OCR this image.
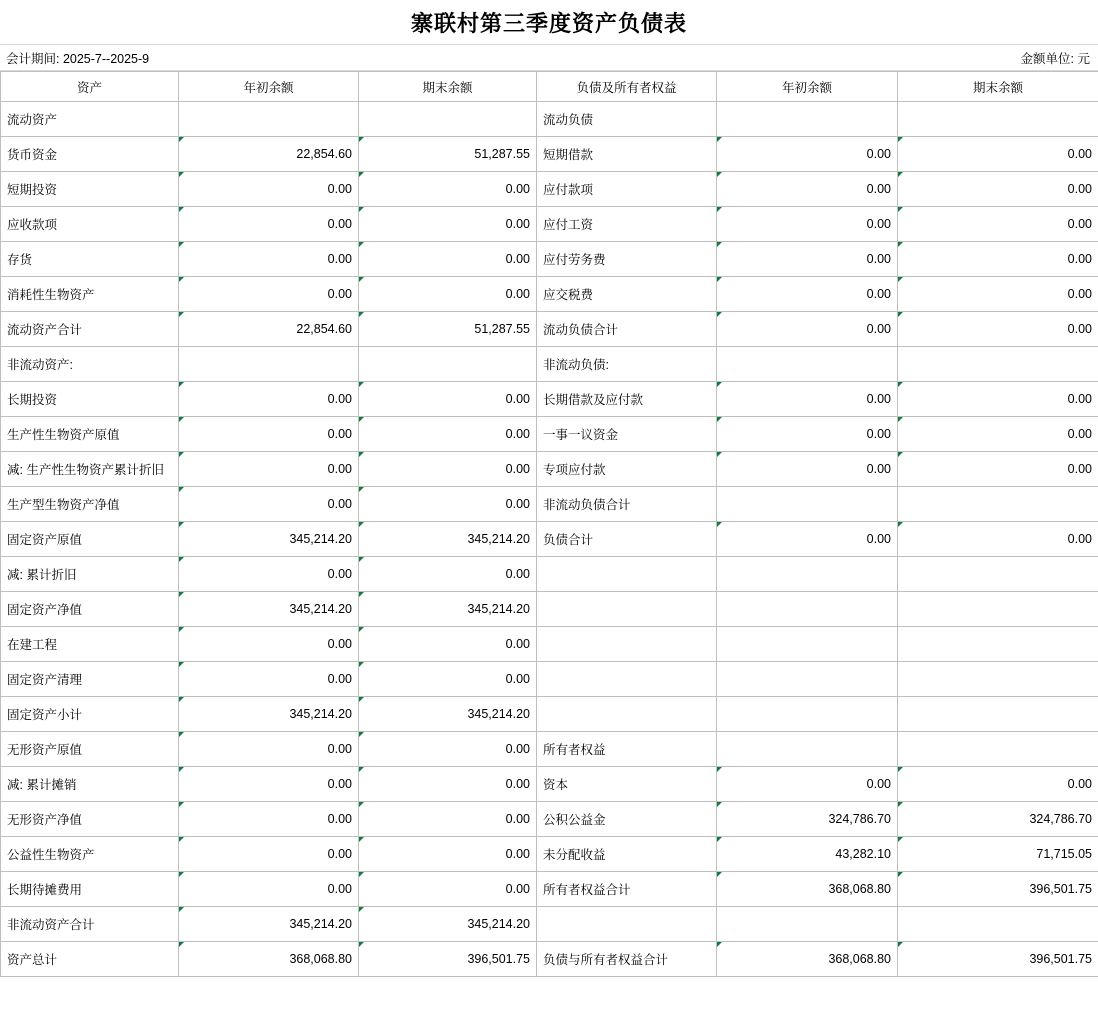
寨联村第三季度资产负债表
会计期间: 2025-7--2025-9	金额单位: 元
资产	年初余额	期末余额	负债及所有者权益	年初余额	期末余额
流动资产			流动负债		
货币资金	22,854.60	51,287.55	短期借款	0.00	0.00
短期投资	0.00	0.00	应付款项	0.00	0.00
应收款项	0.00	0.00	应付工资	0.00	0.00
存货	0.00	0.00	应付劳务费	0.00	0.00
消耗性生物资产	0.00	0.00	应交税费	0.00	0.00
流动资产合计	22,854.60	51,287.55	流动负债合计	0.00	0.00
非流动资产:			非流动负债:		
长期投资	0.00	0.00	长期借款及应付款	0.00	0.00
生产性生物资产原值	0.00	0.00	一事一议资金	0.00	0.00
减: 生产性生物资产累计折旧	0.00	0.00	专项应付款	0.00	0.00
生产型生物资产净值	0.00	0.00	非流动负债合计		
固定资产原值	345,214.20	345,214.20	负债合计	0.00	0.00
减: 累计折旧	0.00	0.00			
固定资产净值	345,214.20	345,214.20			
在建工程	0.00	0.00			
固定资产清理	0.00	0.00			
固定资产小计	345,214.20	345,214.20			
无形资产原值	0.00	0.00	所有者权益		
减: 累计摊销	0.00	0.00	资本	0.00	0.00
无形资产净值	0.00	0.00	公积公益金	324,786.70	324,786.70
公益性生物资产	0.00	0.00	未分配收益	43,282.10	71,715.05
长期待摊费用	0.00	0.00	所有者权益合计	368,068.80	396,501.75
非流动资产合计	345,214.20	345,214.20			
资产总计	368,068.80	396,501.75	负债与所有者权益合计	368,068.80	396,501.75
